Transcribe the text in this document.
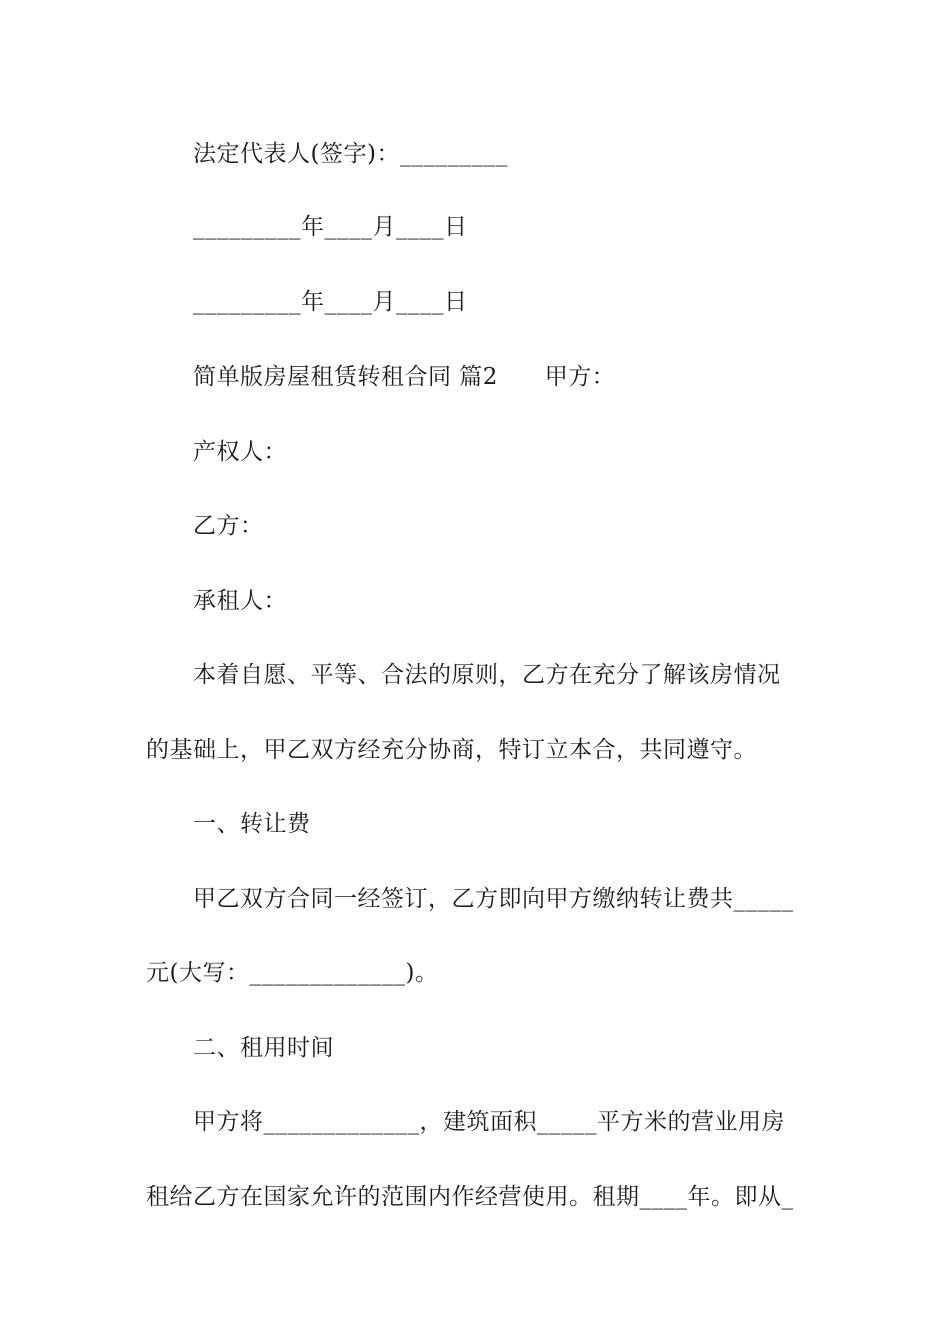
法定代表人(签字)：_________
_________年____月____日
_________年____月____日
简单版房屋租赁转租合同 篇2      甲方：
产权人：
乙方：
承租人：
本着自愿、平等、合法的原则，乙方在充分了解该房情况
的基础上，甲乙双方经充分协商，特订立本合，共同遵守。
一、转让费
甲乙双方合同一经签订，乙方即向甲方缴纳转让费共_____
元(大写：_____________)。
二、租用时间
甲方将_____________，建筑面积_____平方米的营业用房
租给乙方在国家允许的范围内作经营使用。租期____年。即从_
